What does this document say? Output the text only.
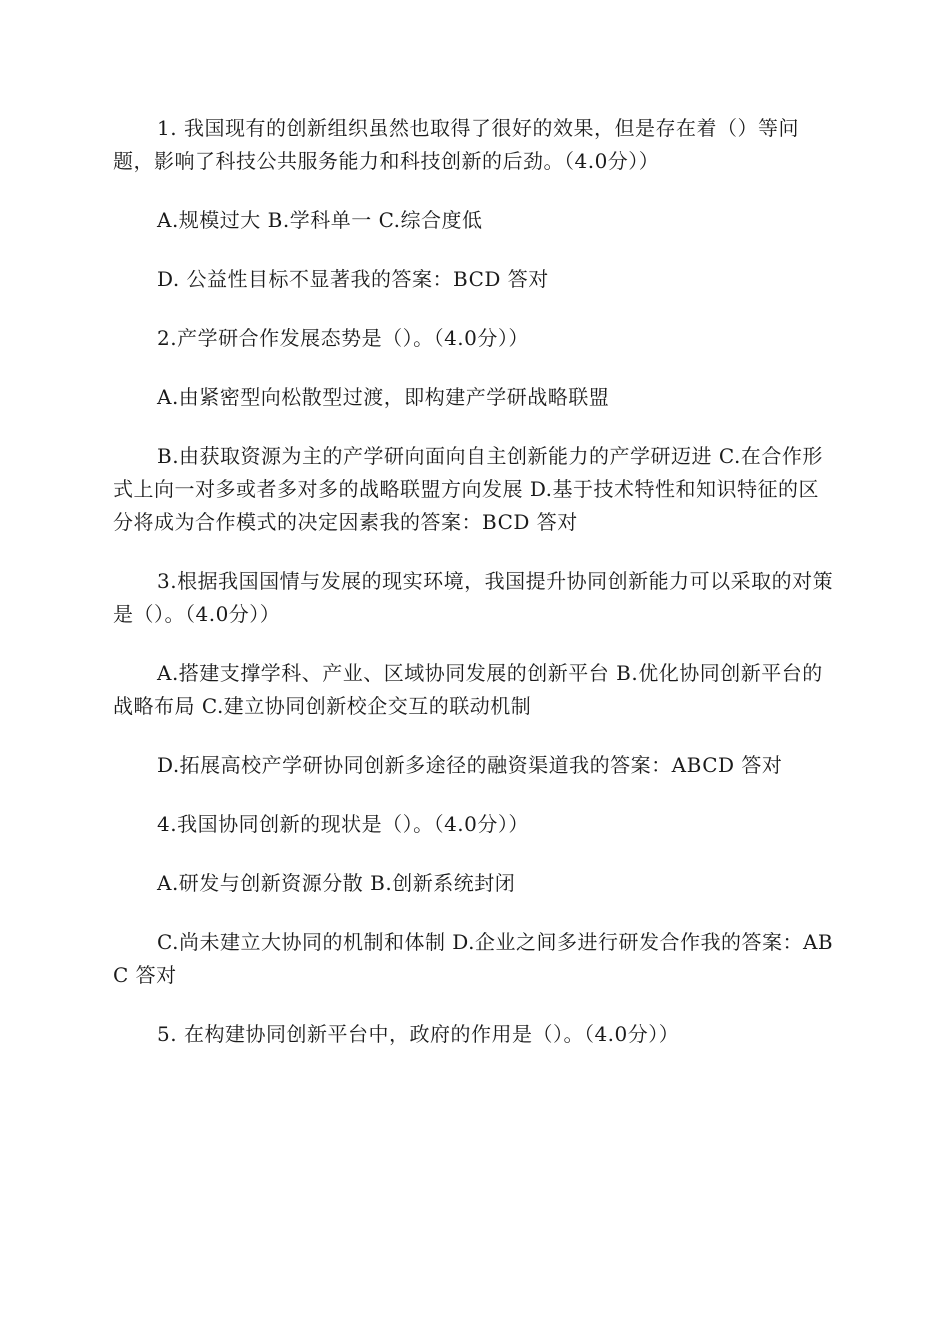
1. 我国现有的创新组织虽然也取得了很好的效果，但是存在着（）等问题，影响了科技公共服务能力和科技创新的后劲。（4.0分））

A.规模过大 B.学科单一 C.综合度低

D. 公益性目标不显著我的答案：BCD 答对

2.产学研合作发展态势是（）。（4.0分））

A.由紧密型向松散型过渡，即构建产学研战略联盟

B.由获取资源为主的产学研向面向自主创新能力的产学研迈进 C.在合作形式上向一对多或者多对多的战略联盟方向发展 D.基于技术特性和知识特征的区分将成为合作模式的决定因素我的答案：BCD 答对

3.根据我国国情与发展的现实环境，我国提升协同创新能力可以采取的对策是（）。（4.0分））

A.搭建支撑学科、产业、区域协同发展的创新平台 B.优化协同创新平台的战略布局 C.建立协同创新校企交互的联动机制

D.拓展高校产学研协同创新多途径的融资渠道我的答案：ABCD 答对

4.我国协同创新的现状是（）。（4.0分））

A.研发与创新资源分散 B.创新系统封闭

C.尚未建立大协同的机制和体制 D.企业之间多进行研发合作我的答案：ABC 答对

5. 在构建协同创新平台中，政府的作用是（）。（4.0分））
